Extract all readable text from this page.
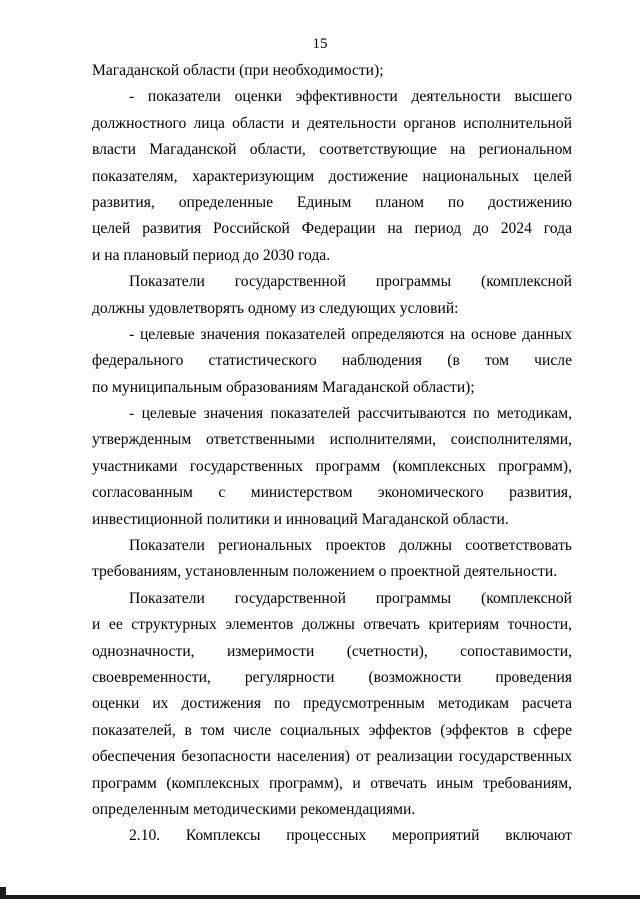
15
Магаданской области (при необходимости);
- показатели оценки эффективности деятельности высшего
должностного лица области и деятельности органов исполнительной
власти Магаданской области, соответствующие на региональном
показателям, характеризующим достижение национальных целей
развития, определенные Единым планом по достижению
целей развития Российской Федерации на период до 2024 года
и на плановый период до 2030 года.
Показатели государственной программы (комплексной
должны удовлетворять одному из следующих условий:
- целевые значения показателей определяются на основе данных
федерального статистического наблюдения (в том числе
по муниципальным образованиям Магаданской области);
- целевые значения показателей рассчитываются по методикам,
утвержденным ответственными исполнителями, соисполнителями,
участниками государственных программ (комплексных программ),
согласованным с министерством экономического развития,
инвестиционной политики и инноваций Магаданской области.
Показатели региональных проектов должны соответствовать
требованиям, установленным положением о проектной деятельности.
Показатели государственной программы (комплексной
и ее структурных элементов должны отвечать критериям точности,
однозначности, измеримости (счетности), сопоставимости,
своевременности, регулярности (возможности проведения
оценки их достижения по предусмотренным методикам расчета
показателей, в том числе социальных эффектов (эффектов в сфере
обеспечения безопасности населения) от реализации государственных
программ (комплексных программ), и отвечать иным требованиям,
определенным методическими рекомендациями.
2.10. Комплексы процессных мероприятий включают
